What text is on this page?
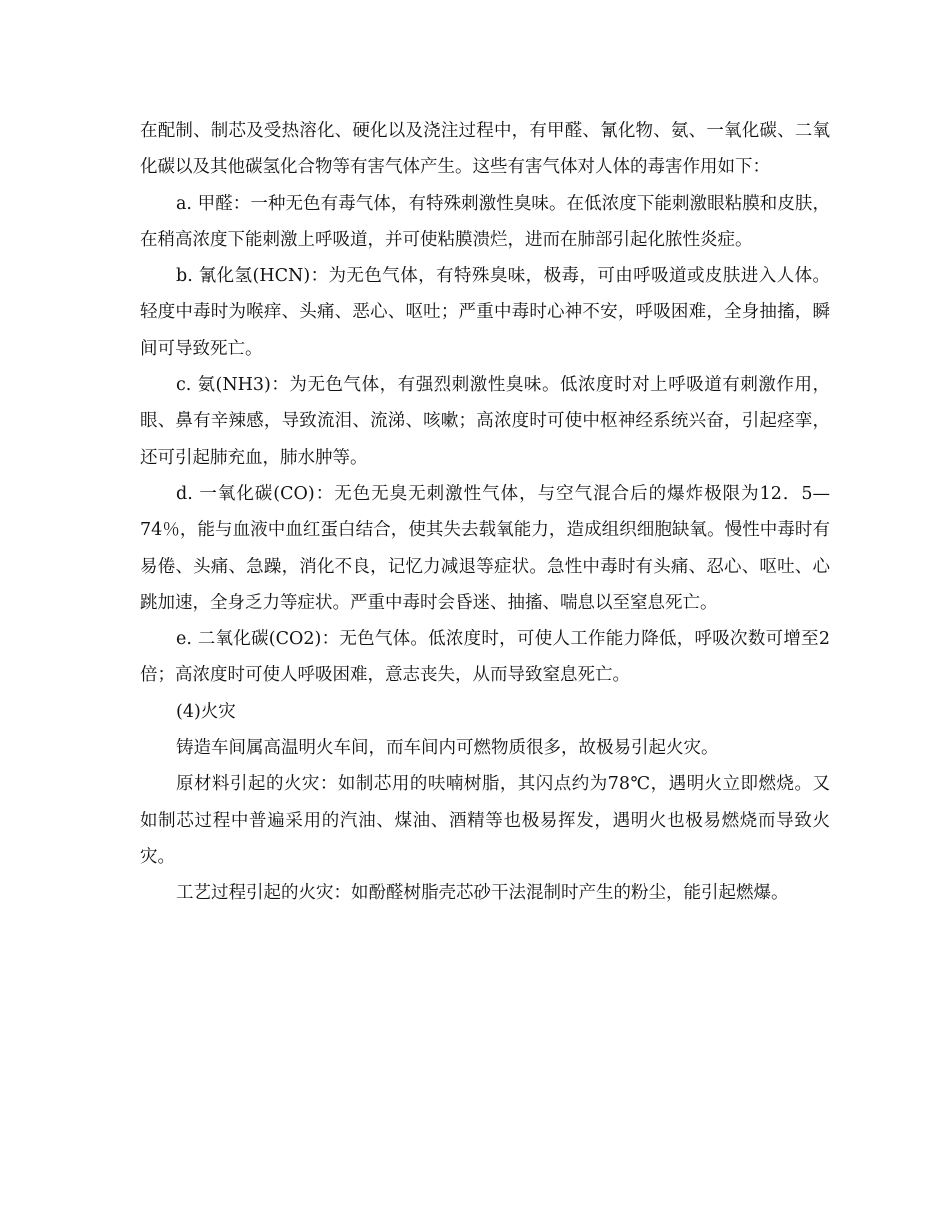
在配制、制芯及受热溶化、硬化以及浇注过程中，有甲醛、氰化物、氨、一氧化碳、二氧化碳以及其他碳氢化合物等有害气体产生。这些有害气体对人体的毒害作用如下：

a. 甲醛：一种无色有毒气体，有特殊刺激性臭味。在低浓度下能刺激眼粘膜和皮肤，在稍高浓度下能刺激上呼吸道，并可使粘膜溃烂，进而在肺部引起化脓性炎症。

b. 氰化氢(HCN)：为无色气体，有特殊臭味，极毒，可由呼吸道或皮肤进入人体。轻度中毒时为喉痒、头痛、恶心、呕吐；严重中毒时心神不安，呼吸困难，全身抽搐，瞬间可导致死亡。

c. 氨(NH3)：为无色气体，有强烈刺激性臭味。低浓度时对上呼吸道有刺激作用，眼、鼻有辛辣感，导致流泪、流涕、咳嗽；高浓度时可使中枢神经系统兴奋，引起痉挛，还可引起肺充血，肺水肿等。

d. 一氧化碳(CO)：无色无臭无刺激性气体，与空气混合后的爆炸极限为12．5—74％，能与血液中血红蛋白结合，使其失去载氧能力，造成组织细胞缺氧。慢性中毒时有易倦、头痛、急躁，消化不良，记忆力减退等症状。急性中毒时有头痛、忍心、呕吐、心跳加速，全身乏力等症状。严重中毒时会昏迷、抽搐、喘息以至窒息死亡。

e. 二氧化碳(CO2)：无色气体。低浓度时，可使人工作能力降低，呼吸次数可增至2倍；高浓度时可使人呼吸困难，意志丧失，从而导致窒息死亡。

(4)火灾

铸造车间属高温明火车间，而车间内可燃物质很多，故极易引起火灾。

原材料引起的火灾：如制芯用的呋喃树脂，其闪点约为78℃，遇明火立即燃烧。又如制芯过程中普遍采用的汽油、煤油、酒精等也极易挥发，遇明火也极易燃烧而导致火灾。

工艺过程引起的火灾：如酚醛树脂壳芯砂干法混制时产生的粉尘，能引起燃爆。
